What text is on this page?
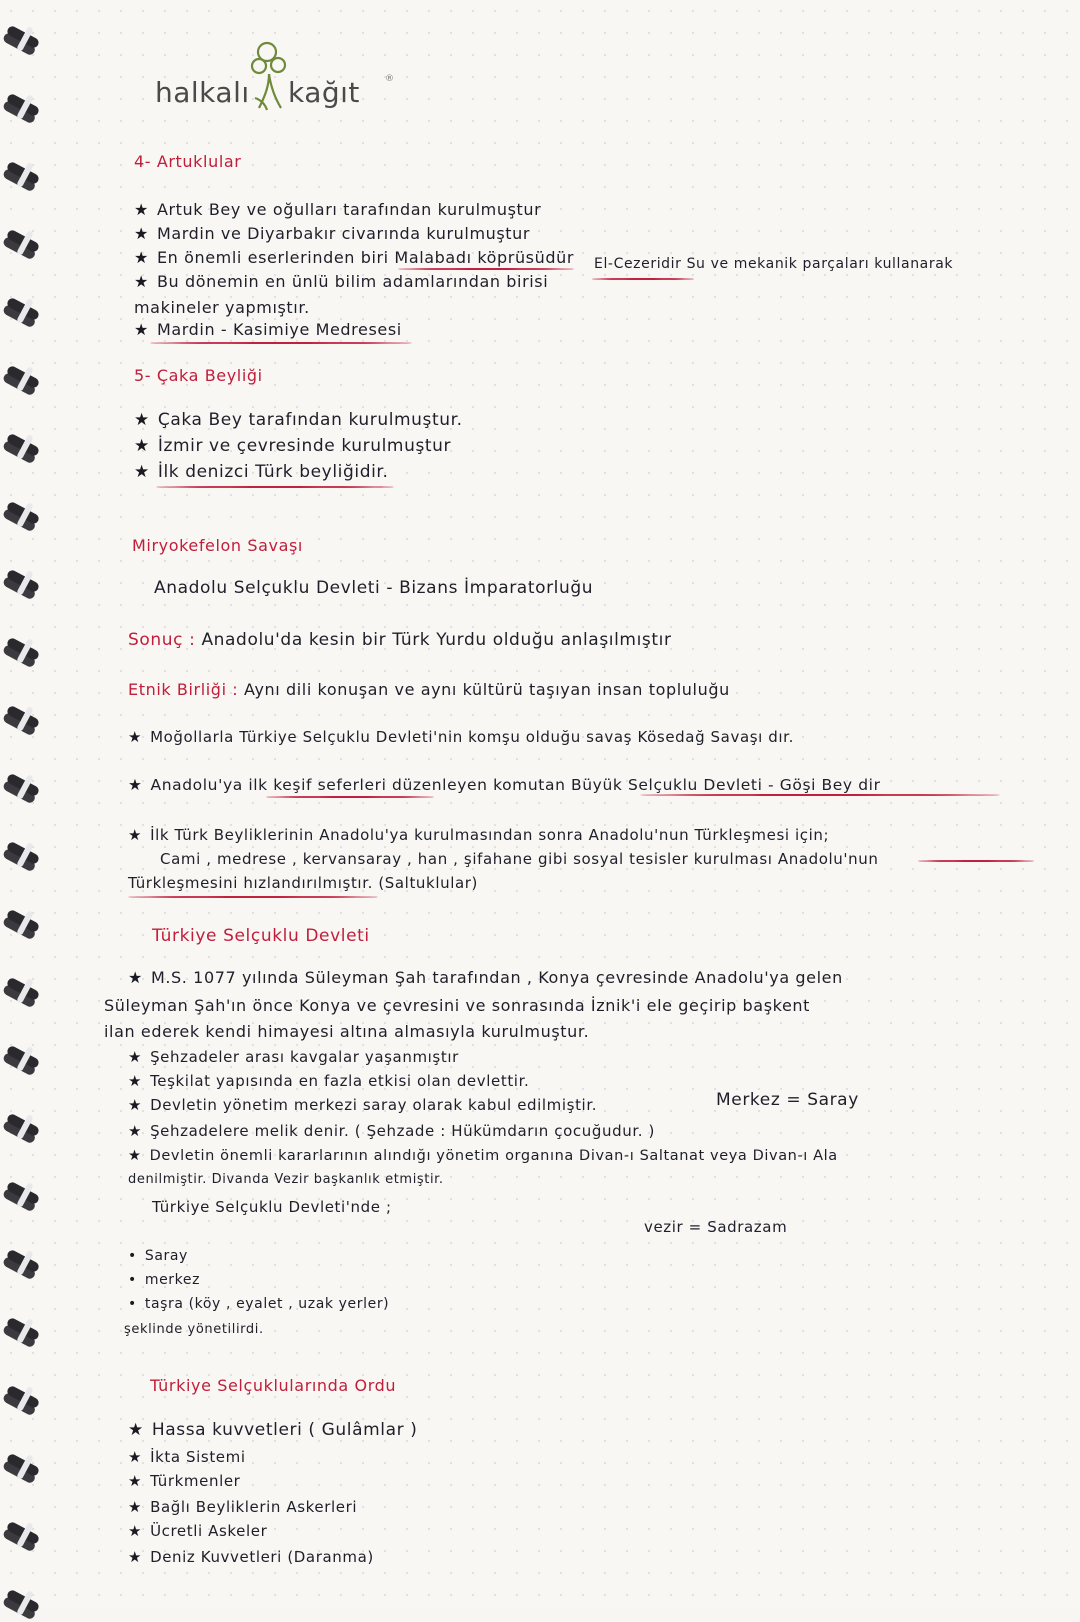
halkalı kağıt	®
4- Artuklular
★ Artuk Bey ve oğulları tarafından kurulmuştur
★ Mardin ve Diyarbakır civarında kurulmuştur
★ En önemli eserlerinden biri Malabadı köprüsüdür
★ Bu dönemin en ünlü bilim adamlarından birisi
El-Cezeridir Su ve mekanik parçaları kullanarak
makineler yapmıştır.
★ Mardin - Kasimiye Medresesi
5- Çaka Beyliği
★ Çaka Bey tarafından kurulmuştur.
★ İzmir ve çevresinde kurulmuştur
★ İlk denizci Türk beyliğidir.
Miryokefelon Savaşı
Anadolu Selçuklu Devleti - Bizans İmparatorluğu
Sonuç : Anadolu'da kesin bir Türk Yurdu olduğu anlaşılmıştır
Etnik Birliği : Aynı dili konuşan ve aynı kültürü taşıyan insan topluluğu
★ Moğollarla Türkiye Selçuklu Devleti'nin komşu olduğu savaş Kösedağ Savaşı dır.
★ Anadolu'ya ilk keşif seferleri düzenleyen komutan Büyük Selçuklu Devleti - Göşi Bey dir
★ İlk Türk Beyliklerinin Anadolu'ya kurulmasından sonra Anadolu'nun Türkleşmesi için;
Cami , medrese , kervansaray , han , şifahane gibi sosyal tesisler kurulması Anadolu'nun
Türkleşmesini hızlandırılmıştır. (Saltuklular)
Türkiye Selçuklu Devleti
★ M.S. 1077 yılında Süleyman Şah tarafından , Konya çevresinde Anadolu'ya gelen
Süleyman Şah'ın önce Konya ve çevresini ve sonrasında İznik'i ele geçirip başkent
ilan ederek kendi himayesi altına almasıyla kurulmuştur.
★ Şehzadeler arası kavgalar yaşanmıştır
★ Teşkilat yapısında en fazla etkisi olan devlettir.
★ Devletin yönetim merkezi saray olarak kabul edilmiştir.	Merkez = Saray
★ Şehzadelere melik denir. ( Şehzade : Hükümdarın çocuğudur. )
★ Devletin önemli kararlarının alındığı yönetim organına Divan-ı Saltanat veya Divan-ı Ala
denilmiştir. Divanda Vezir başkanlık etmiştir.
Türkiye Selçuklu Devleti'nde ;
vezir = Sadrazam
• Saray
• merkez
• taşra (köy , eyalet , uzak yerler)
şeklinde yönetilirdi.
Türkiye Selçuklularında Ordu
★ Hassa kuvvetleri ( Gulâmlar )
★ İkta Sistemi
★ Türkmenler
★ Bağlı Beyliklerin Askerleri
★ Ücretli Askeler
★ Deniz Kuvvetleri (Daranma)
